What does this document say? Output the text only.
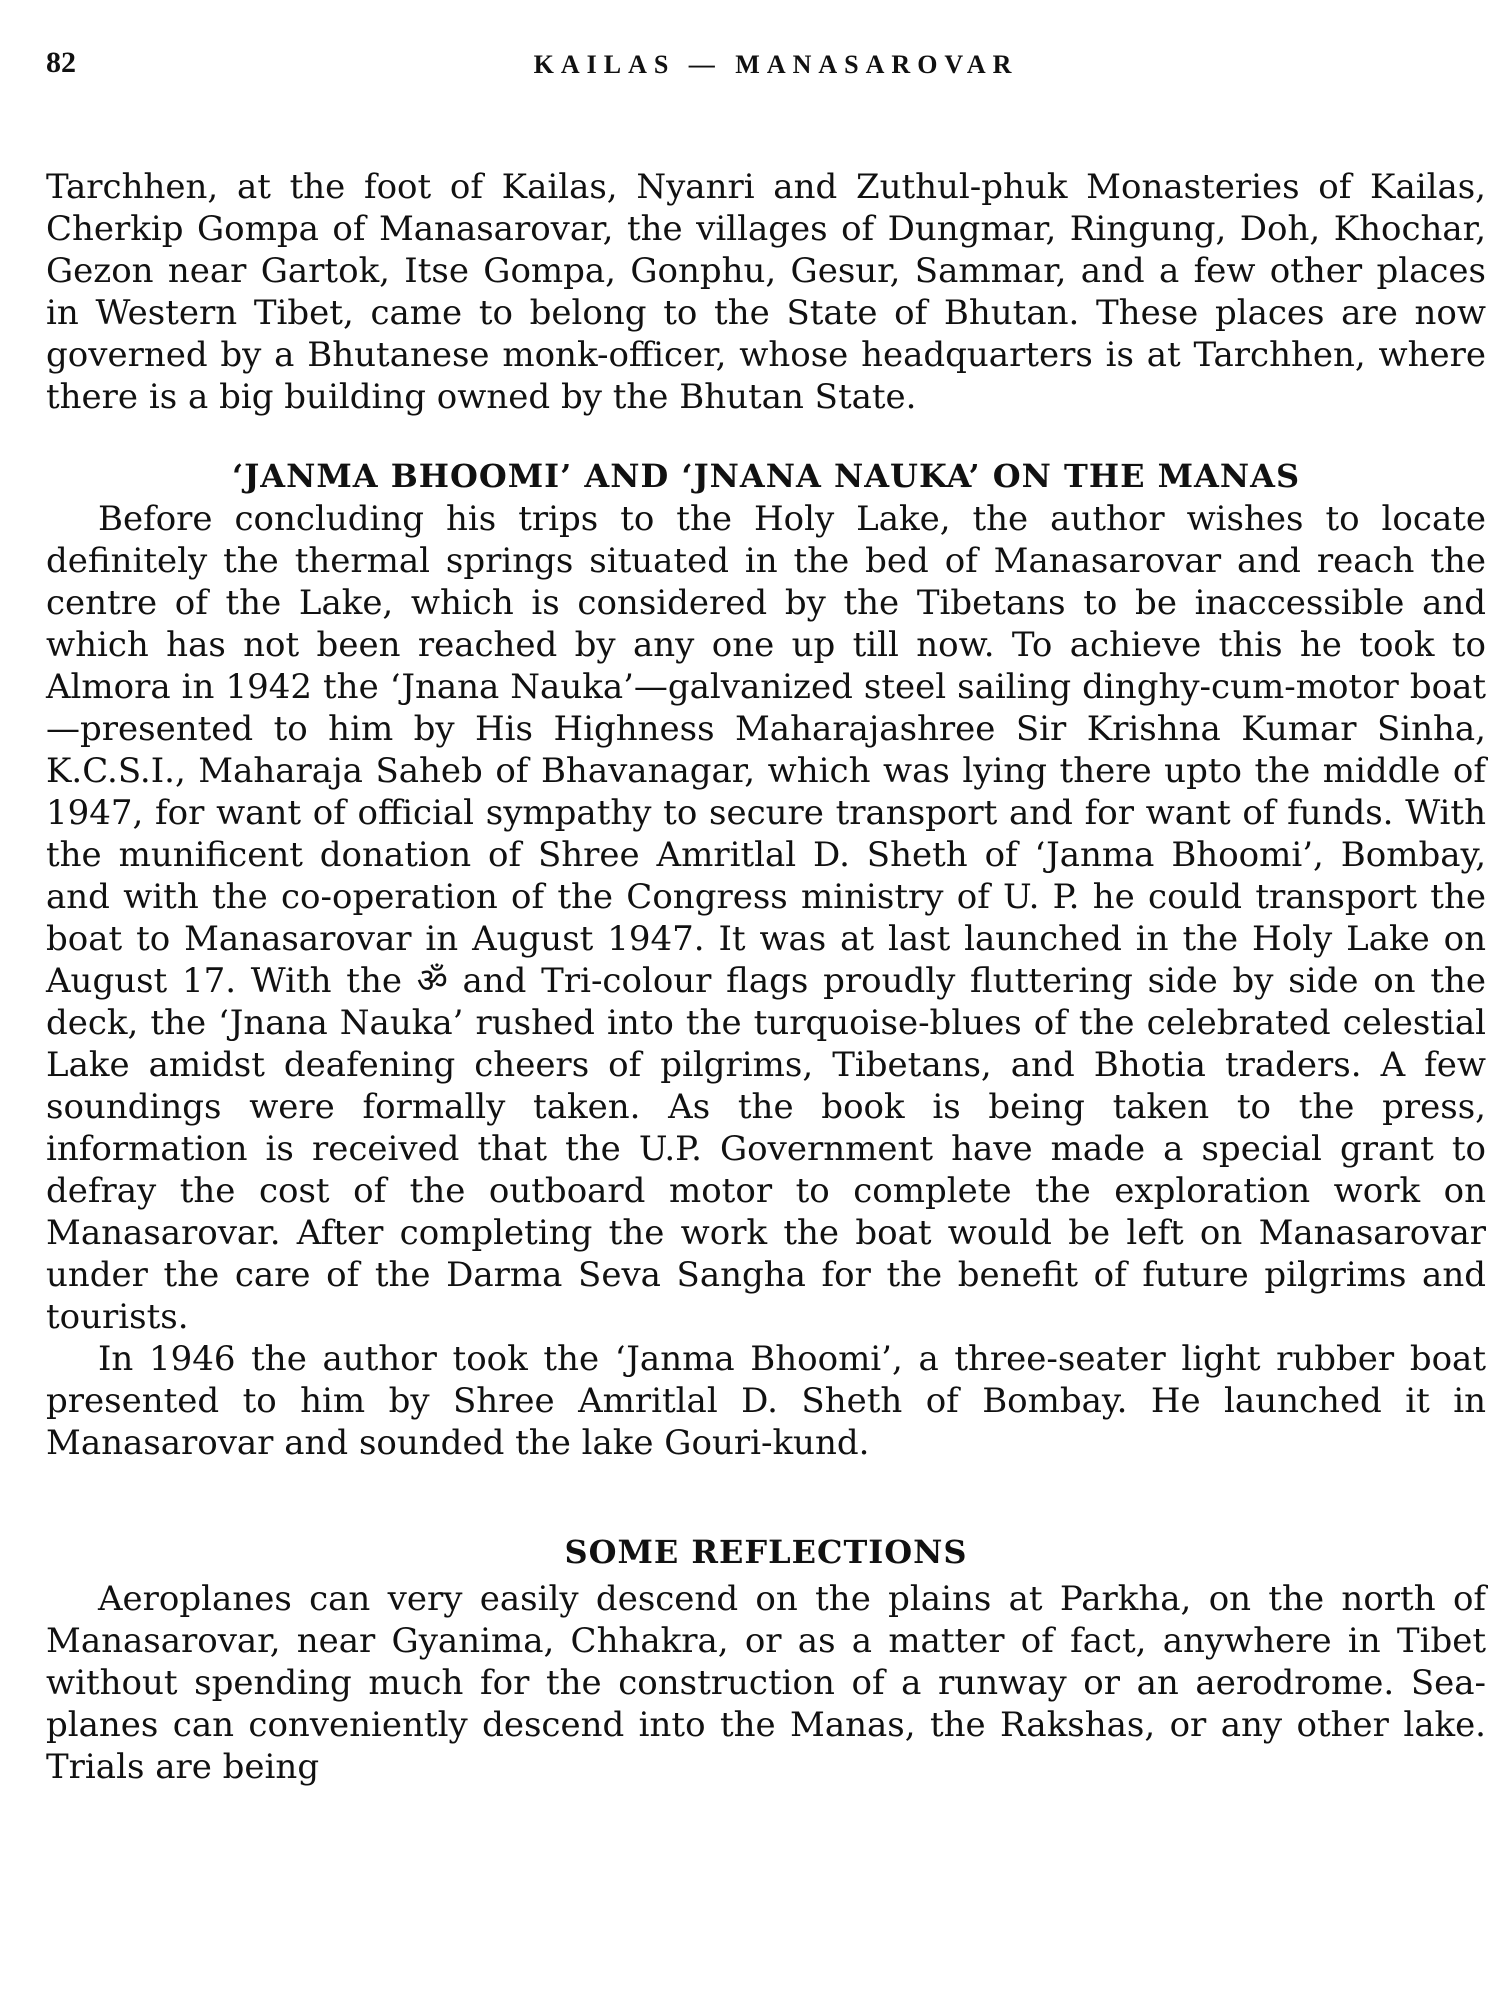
82	KAILAS — MANASAROVAR

Tarchhen, at the foot of Kailas, Nyanri and Zuthul-phuk Monasteries of Kailas, Cherkip Gompa of Manasarovar, the villages of Dungmar, Ringung, Doh, Khochar, Gezon near Gartok, Itse Gompa, Gonphu, Gesur, Sammar, and a few other places in Western Tibet, came to belong to the State of Bhutan. These places are now governed by a Bhutanese monk-officer, whose headquarters is at Tarchhen, where there is a big building owned by the Bhutan State.

‘JANMA BHOOMI’ AND ‘JNANA NAUKA’ ON THE MANAS

Before concluding his trips to the Holy Lake, the author wishes to locate definitely the thermal springs situated in the bed of Manasarovar and reach the centre of the Lake, which is considered by the Tibetans to be inaccessible and which has not been reached by any one up till now. To achieve this he took to Almora in 1942 the ‘Jnana Nauka’—galvanized steel sailing dinghy-cum-motor boat—presented to him by His Highness Maharajashree Sir Krishna Kumar Sinha, K.C.S.I., Maharaja Saheb of Bhavanagar, which was lying there upto the middle of 1947, for want of official sympathy to secure transport and for want of funds. With the munificent donation of Shree Amritlal D. Sheth of ‘Janma Bhoomi’, Bombay, and with the co-operation of the Congress ministry of U. P. he could transport the boat to Manasarovar in August 1947. It was at last launched in the Holy Lake on August 17. With the ॐ and Tri-colour flags proudly fluttering side by side on the deck, the ‘Jnana Nauka’ rushed into the turquoise-blues of the celebrated celestial Lake amidst deafening cheers of pilgrims, Tibetans, and Bhotia traders. A few soundings were formally taken. As the book is being taken to the press, information is received that the U.P. Government have made a special grant to defray the cost of the outboard motor to complete the exploration work on Manasarovar. After completing the work the boat would be left on Manasarovar under the care of the Darma Seva Sangha for the benefit of future pilgrims and tourists.

In 1946 the author took the ‘Janma Bhoomi’, a three-seater light rubber boat presented to him by Shree Amritlal D. Sheth of Bombay. He launched it in Manasarovar and sounded the lake Gouri-kund.

SOME REFLECTIONS

Aeroplanes can very easily descend on the plains at Parkha, on the north of Manasarovar, near Gyanima, Chhakra, or as a matter of fact, anywhere in Tibet without spending much for the construction of a runway or an aerodrome. Sea-planes can conveniently descend into the Manas, the Rakshas, or any other lake. Trials are being
